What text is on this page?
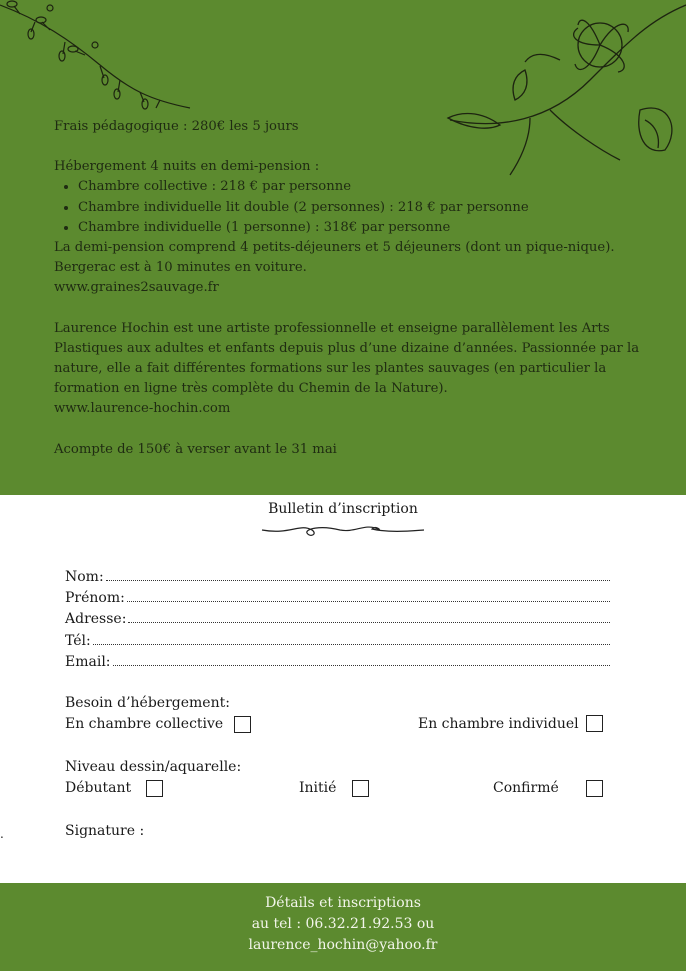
Frais pédagogique : 280€ les 5 jours

Hébergement 4 nuits en demi-pension :

• Chambre collective : 218 € par personne
• Chambre individuelle lit double (2 personnes) : 218 € par personne
• Chambre individuelle (1 personne) : 318€ par personne

La demi-pension comprend 4 petits-déjeuners et 5 déjeuners (dont un pique-nique).

Bergerac est à 10 minutes en voiture.

www.graines2sauvage.fr

Laurence Hochin est une artiste professionnelle et enseigne parallèlement les Arts Plastiques aux adultes et enfants depuis plus d’une dizaine d’années. Passionnée par la nature, elle a fait différentes formations sur les plantes sauvages (en particulier la formation en ligne très complète du Chemin de la Nature).

www.laurence-hochin.com

Acompte de 150€ à verser avant le 31 mai

Bulletin d’inscription
Nom:
Prénom:
Adresse:
Tél:
Email:
Besoin d’hébergement:
En chambre collective	En chambre individuel
Niveau dessin/aquarelle:
Débutant	Initié	Confirmé
Signature :
.
Détails et inscriptions
au tel : 06.32.21.92.53 ou
laurence_hochin@yahoo.fr
